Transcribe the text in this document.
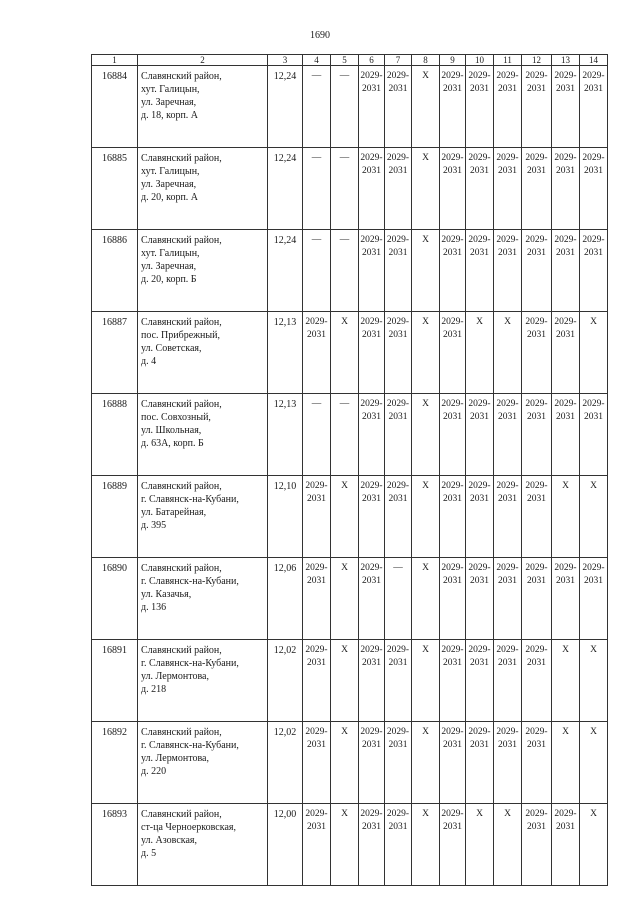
1690
1	2	3	4	5	6	7	8	9	10	11	12	13	14
16884	Славянский район,
хут. Галицын,
ул. Заречная,
д. 18, корп. А	12,24	—	—	2029-2031	2029-2031	X	2029-2031	2029-2031	2029-2031	2029-2031	2029-2031	2029-2031
16885	Славянский район,
хут. Галицын,
ул. Заречная,
д. 20, корп. А	12,24	—	—	2029-2031	2029-2031	X	2029-2031	2029-2031	2029-2031	2029-2031	2029-2031	2029-2031
16886	Славянский район,
хут. Галицын,
ул. Заречная,
д. 20, корп. Б	12,24	—	—	2029-2031	2029-2031	X	2029-2031	2029-2031	2029-2031	2029-2031	2029-2031	2029-2031
16887	Славянский район,
пос. Прибрежный,
ул. Советская,
д. 4	12,13	2029-2031	X	2029-2031	2029-2031	X	2029-2031	X	X	2029-2031	2029-2031	X
16888	Славянский район,
пос. Совхозный,
ул. Школьная,
д. 63А, корп. Б	12,13	—	—	2029-2031	2029-2031	X	2029-2031	2029-2031	2029-2031	2029-2031	2029-2031	2029-2031
16889	Славянский район,
г. Славянск-на-Кубани,
ул. Батарейная,
д. 395	12,10	2029-2031	X	2029-2031	2029-2031	X	2029-2031	2029-2031	2029-2031	2029-2031	X	X
16890	Славянский район,
г. Славянск-на-Кубани,
ул. Казачья,
д. 136	12,06	2029-2031	X	2029-2031	—	X	2029-2031	2029-2031	2029-2031	2029-2031	2029-2031	2029-2031
16891	Славянский район,
г. Славянск-на-Кубани,
ул. Лермонтова,
д. 218	12,02	2029-2031	X	2029-2031	2029-2031	X	2029-2031	2029-2031	2029-2031	2029-2031	X	X
16892	Славянский район,
г. Славянск-на-Кубани,
ул. Лермонтова,
д. 220	12,02	2029-2031	X	2029-2031	2029-2031	X	2029-2031	2029-2031	2029-2031	2029-2031	X	X
16893	Славянский район,
ст-ца Черноерковская,
ул. Азовская,
д. 5	12,00	2029-2031	X	2029-2031	2029-2031	X	2029-2031	X	X	2029-2031	2029-2031	X
